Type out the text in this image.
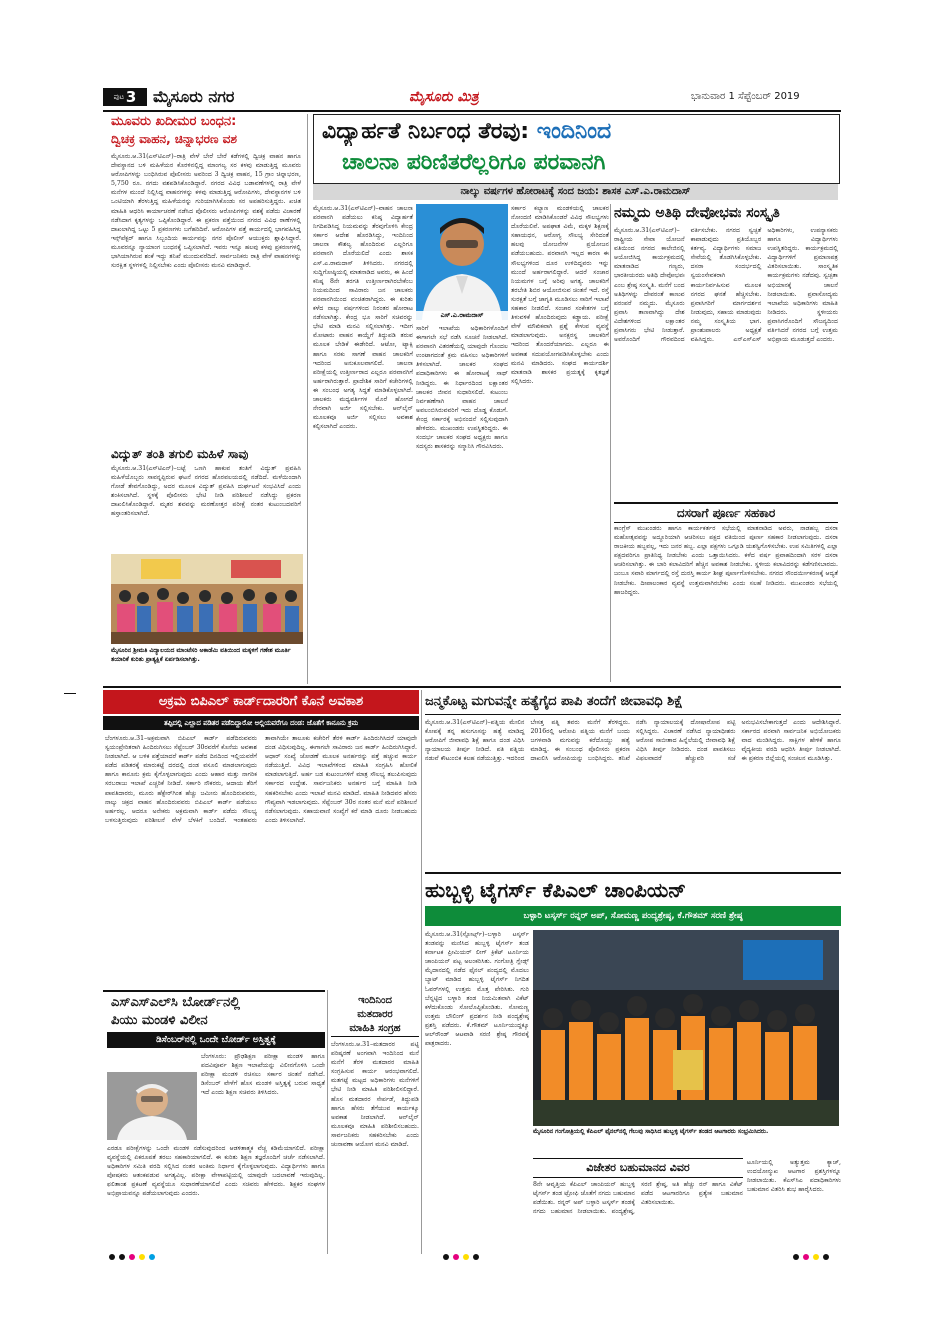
ಪುಟ 3 ಮೈಸೂರು ನಗರ	ಮೈಸೂರು ಮಿತ್ರ	ಭಾನುವಾರ 1 ಸೆಪ್ಟೆಂಬರ್ 2019
ಮೂವರು ಖದೀಮರ ಬಂಧನ:
ದ್ವಿಚಕ್ರ ವಾಹನ, ಚಿನ್ನಾಭರಣ ವಶ
ಮೈಸೂರು.ಆ.31(ಎಸ್‌ಟಿಎನ್)–ರಾತ್ರಿ ವೇಳೆ ಬೇರೆ ಬೇರೆ ಕಡೆಗಳಲ್ಲಿ ದ್ವಿಚಕ್ರ ವಾಹನ ಹಾಗೂ ದೇವಸ್ಥಾನದ ಬಳಿ ಮಹಿಳೆಯರ ಕೊರಳಿನಲ್ಲಿದ್ದ ಮಾಂಗಲ್ಯ ಸರ ಕಳವು ಮಾಡುತ್ತಿದ್ದ ಮೂವರು ಆರೋಪಿಗಳನ್ನು ಬಂಧಿಸಿರುವ ಪೊಲೀಸರು ಅವರಿಂದ 3 ದ್ವಿಚಕ್ರ ವಾಹನ, 15 ಗ್ರಾಂ ಚಿನ್ನಾಭರಣ, 5,750 ರೂ. ನಗದು ವಶಪಡಿಸಿಕೊಂಡಿದ್ದಾರೆ. ನಗರದ ವಿವಿಧ ಬಡಾವಣೆಗಳಲ್ಲಿ ರಾತ್ರಿ ವೇಳೆ ಮನೆಗಳ ಮುಂದೆ ನಿಲ್ಲಿಸಿದ್ದ ವಾಹನಗಳನ್ನು ಕಳವು ಮಾಡುತ್ತಿದ್ದ ಆರೋಪಿಗಳು, ದೇವಸ್ಥಾನಗಳ ಬಳಿ ಒಂಟಿಯಾಗಿ ತೆರಳುತ್ತಿದ್ದ ಮಹಿಳೆಯರನ್ನು ಗುರಿಯಾಗಿಸಿಕೊಂಡು ಸರ ಅಪಹರಿಸುತ್ತಿದ್ದರು. ಖಚಿತ ಮಾಹಿತಿ ಆಧರಿಸಿ ಕಾರ್ಯಾಚರಣೆ ನಡೆಸಿದ ಪೊಲೀಸರು ಆರೋಪಿಗಳನ್ನು ವಶಕ್ಕೆ ಪಡೆದು ವಿಚಾರಣೆ ನಡೆಸಿದಾಗ ಕೃತ್ಯಗಳನ್ನು ಒಪ್ಪಿಕೊಂಡಿದ್ದಾರೆ. ಈ ಪ್ರಕರಣ ಪತ್ತೆಯಿಂದ ನಗರದ ವಿವಿಧ ಠಾಣೆಗಳಲ್ಲಿ ದಾಖಲಾಗಿದ್ದ ಒಟ್ಟು 5 ಪ್ರಕರಣಗಳು ಬಗೆಹರಿದಿವೆ. ಆರೋಪಿಗಳ ಪತ್ತೆ ಕಾರ್ಯದಲ್ಲಿ ಭಾಗವಹಿಸಿದ್ದ ಇನ್ಸ್‌ಪೆಕ್ಟರ್ ಹಾಗೂ ಸಿಬ್ಬಂದಿಯ ಕಾರ್ಯವನ್ನು ನಗರ ಪೊಲೀಸ್ ಆಯುಕ್ತರು ಶ್ಲಾಘಿಸಿದ್ದಾರೆ. ಮೂವರನ್ನೂ ನ್ಯಾಯಾಂಗ ಬಂಧನಕ್ಕೆ ಒಪ್ಪಿಸಲಾಗಿದೆ. ಇವರು ಇನ್ನೂ ಹಲವು ಕಳವು ಪ್ರಕರಣಗಳಲ್ಲಿ ಭಾಗಿಯಾಗಿರುವ ಶಂಕೆ ಇದ್ದು ತನಿಖೆ ಮುಂದುವರೆದಿದೆ. ಸಾರ್ವಜನಿಕರು ರಾತ್ರಿ ವೇಳೆ ವಾಹನಗಳನ್ನು ಸುರಕ್ಷಿತ ಸ್ಥಳಗಳಲ್ಲಿ ನಿಲ್ಲಿಸಬೇಕು ಎಂದು ಪೊಲೀಸರು ಮನವಿ ಮಾಡಿದ್ದಾರೆ.
ವಿದ್ಯುತ್ ತಂತಿ ತಗುಲಿ ಮಹಿಳೆ ಸಾವು
ಮೈಸೂರು.ಆ.31(ಎಸ್‌ಟಿಎನ್)–ಬಟ್ಟೆ ಒಣಗಿ ಹಾಕುವ ತಂತಿಗೆ ವಿದ್ಯುತ್ ಪ್ರವಹಿಸಿ ಮಹಿಳೆಯೊಬ್ಬರು ಸಾವನ್ನಪ್ಪಿರುವ ಘಟನೆ ನಗರದ ಹೊರವಲಯದಲ್ಲಿ ನಡೆದಿದೆ. ಮಳೆಯಿಂದಾಗಿ ಗೋಡೆ ತೇವಗೊಂಡಿದ್ದು, ಅದರ ಮೂಲಕ ವಿದ್ಯುತ್ ಪ್ರವಹಿಸಿ ದುರ್ಘಟನೆ ಸಂಭವಿಸಿದೆ ಎಂದು ಶಂಕಿಸಲಾಗಿದೆ. ಸ್ಥಳಕ್ಕೆ ಪೊಲೀಸರು ಭೇಟಿ ನೀಡಿ ಪರಿಶೀಲನೆ ನಡೆಸಿದ್ದು ಪ್ರಕರಣ ದಾಖಲಿಸಿಕೊಂಡಿದ್ದಾರೆ. ಮೃತರ ಶವವನ್ನು ಮರಣೋತ್ತರ ಪರೀಕ್ಷೆ ನಂತರ ಕುಟುಂಬದವರಿಗೆ ಹಸ್ತಾಂತರಿಸಲಾಗಿದೆ.
ಮೈಸೂರಿನ ಶ್ರೀಮತಿ ವಿದ್ಯಾಲಯದ ಮಾಂಟೆಸರಿ ಅಕಾಡೆಮಿ ವತಿಯಿಂದ ಮಕ್ಕಳಿಗೆ ಗಣೇಶ ಮೂರ್ತಿ ತಯಾರಿಕೆ ಕುರಿತು ಪ್ರಾತ್ಯಕ್ಷಿಕೆ ಏರ್ಪಡಿಸಲಾಗಿತ್ತು.
ವಿದ್ಯಾರ್ಹತೆ ನಿರ್ಬಂಧ ತೆರವು: ಇಂದಿನಿಂದ
ಚಾಲನಾ ಪರಿಣಿತರೆಲ್ಲರಿಗೂ ಪರವಾನಗಿ
ನಾಲ್ಕು ವರ್ಷಗಳ ಹೋರಾಟಕ್ಕೆ ಸಂದ ಜಯ: ಶಾಸಕ ಎಸ್.ಎ.ರಾಮದಾಸ್
ಮೈಸೂರು.ಆ.31(ಎಸ್‌ಟಿಎನ್)–ವಾಹನ ಚಾಲನಾ ಪರವಾನಗಿ ಪಡೆಯಲು ಕನಿಷ್ಠ ವಿದ್ಯಾರ್ಹತೆ ನಿಗದಿಪಡಿಸಿದ್ದ ನಿಯಮವನ್ನು ತೆರವುಗೊಳಿಸಿ ಕೇಂದ್ರ ಸರ್ಕಾರ ಆದೇಶ ಹೊರಡಿಸಿದ್ದು, ಇಂದಿನಿಂದ ಚಾಲನಾ ಕೌಶಲ್ಯ ಹೊಂದಿರುವ ಎಲ್ಲರಿಗೂ ಪರವಾನಗಿ ದೊರೆಯಲಿದೆ ಎಂದು ಶಾಸಕ ಎಸ್.ಎ.ರಾಮದಾಸ್ ತಿಳಿಸಿದರು. ನಗರದಲ್ಲಿ ಸುದ್ದಿಗೋಷ್ಠಿಯಲ್ಲಿ ಮಾತನಾಡಿದ ಅವರು, ಈ ಹಿಂದೆ ಕನಿಷ್ಠ 8ನೇ ತರಗತಿ ಉತ್ತೀರ್ಣರಾಗಿರಬೇಕೆಂಬ ನಿಯಮದಿಂದ ಸಾವಿರಾರು ಜನ ಚಾಲಕರು ಪರವಾನಗಿಯಿಂದ ವಂಚಿತರಾಗಿದ್ದರು. ಈ ಕುರಿತು ಕಳೆದ ನಾಲ್ಕು ವರ್ಷಗಳಿಂದ ನಿರಂತರ ಹೋರಾಟ ನಡೆಸಲಾಗಿತ್ತು. ಕೇಂದ್ರ ಭೂ ಸಾರಿಗೆ ಸಚಿವರನ್ನು ಭೇಟಿ ಮಾಡಿ ಮನವಿ ಸಲ್ಲಿಸಲಾಗಿತ್ತು. ಇದೀಗ ಮೋಟಾರು ವಾಹನ ಕಾಯ್ದೆಗೆ ತಿದ್ದುಪಡಿ ತರುವ ಮೂಲಕ ಬೇಡಿಕೆ ಈಡೇರಿದೆ. ಆಟೋ, ಟ್ಯಾಕ್ಸಿ ಹಾಗೂ ಸರಕು ಸಾಗಣೆ ವಾಹನ ಚಾಲಕರಿಗೆ ಇದರಿಂದ ಅನುಕೂಲವಾಗಲಿದೆ. ಚಾಲನಾ ಪರೀಕ್ಷೆಯಲ್ಲಿ ಉತ್ತೀರ್ಣರಾದ ಎಲ್ಲರೂ ಪರವಾನಗಿಗೆ ಅರ್ಹರಾಗಿರುತ್ತಾರೆ. ಪ್ರಾದೇಶಿಕ ಸಾರಿಗೆ ಕಚೇರಿಗಳಲ್ಲಿ ಈ ಸಂಬಂಧ ಅಗತ್ಯ ಸಿದ್ಧತೆ ಮಾಡಿಕೊಳ್ಳಲಾಗಿದೆ. ಚಾಲಕರು ಮಧ್ಯವರ್ತಿಗಳ ಮೊರೆ ಹೋಗದೆ ನೇರವಾಗಿ ಅರ್ಜಿ ಸಲ್ಲಿಸಬೇಕು. ಆನ್‌ಲೈನ್ ಮೂಲಕವೂ ಅರ್ಜಿ ಸಲ್ಲಿಸಲು ಅವಕಾಶ ಕಲ್ಪಿಸಲಾಗಿದೆ ಎಂದರು.
ಎಸ್.ಎ.ರಾಮದಾಸ್
ಸಾರಿಗೆ ಇಲಾಖೆಯ ಅಧಿಕಾರಿಗಳೊಂದಿಗೆ ಈಗಾಗಲೇ ಸಭೆ ನಡೆಸಿ ಸೂಚನೆ ನೀಡಲಾಗಿದೆ. ಪರವಾನಗಿ ವಿತರಣೆಯಲ್ಲಿ ಯಾವುದೇ ಗೊಂದಲ ಉಂಟಾಗದಂತೆ ಕ್ರಮ ವಹಿಸಲು ಅಧಿಕಾರಿಗಳಿಗೆ ತಿಳಿಸಲಾಗಿದೆ. ಚಾಲಕರ ಸಂಘದ ಪದಾಧಿಕಾರಿಗಳು ಈ ಹೋರಾಟಕ್ಕೆ ಸಾಥ್ ನೀಡಿದ್ದರು. ಈ ನಿರ್ಧಾರದಿಂದ ಲಕ್ಷಾಂತರ ಚಾಲಕರ ಜೀವನ ಸುಧಾರಿಸಲಿದೆ. ಕುಟುಂಬ ನಿರ್ವಹಣೆಗಾಗಿ ವಾಹನ ಚಾಲನೆ ಅವಲಂಬಿಸಿರುವವರಿಗೆ ಇದು ದೊಡ್ಡ ಕೊಡುಗೆ. ಕೇಂದ್ರ ಸರ್ಕಾರಕ್ಕೆ ಅಭಿನಂದನೆ ಸಲ್ಲಿಸುವುದಾಗಿ ಹೇಳಿದರು. ಮುಖಂಡರು ಉಪಸ್ಥಿತರಿದ್ದರು. ಈ ಸಂದರ್ಭ ಚಾಲಕರ ಸಂಘದ ಅಧ್ಯಕ್ಷರು ಹಾಗೂ ಸದಸ್ಯರು ಶಾಸಕರನ್ನು ಸನ್ಮಾನಿಸಿ ಗೌರವಿಸಿದರು.
ಸರ್ಕಾರ ಕಲ್ಯಾಣ ಮಂಡಳಿಯಲ್ಲಿ ಚಾಲಕರ ನೋಂದಣಿ ಮಾಡಿಸಿಕೊಂಡರೆ ವಿವಿಧ ಸೌಲಭ್ಯಗಳು ದೊರೆಯಲಿವೆ. ಅಪಘಾತ ವಿಮೆ, ಮಕ್ಕಳ ಶಿಕ್ಷಣಕ್ಕೆ ಸಹಾಯಧನ, ಆರೋಗ್ಯ ಸೌಲಭ್ಯ ಸೇರಿದಂತೆ ಹಲವು ಯೋಜನೆಗಳ ಪ್ರಯೋಜನ ಪಡೆಯಬಹುದು. ಪರವಾನಗಿ ಇಲ್ಲದ ಕಾರಣ ಈ ಸೌಲಭ್ಯಗಳಿಂದ ದೂರ ಉಳಿದಿದ್ದವರು ಇನ್ನು ಮುಂದೆ ಅರ್ಹರಾಗಲಿದ್ದಾರೆ. ಆದರೆ ಸಂಚಾರ ನಿಯಮಗಳ ಬಗ್ಗೆ ಅರಿವು ಅಗತ್ಯ. ಚಾಲಕರಿಗೆ ತರಬೇತಿ ಶಿಬಿರ ಆಯೋಜಿಸುವ ಚಿಂತನೆ ಇದೆ. ರಸ್ತೆ ಸುರಕ್ಷತೆ ಬಗ್ಗೆ ಜಾಗೃತಿ ಮೂಡಿಸಲು ಸಾರಿಗೆ ಇಲಾಖೆ ಸಹಕಾರ ನೀಡಲಿದೆ. ಸಂಚಾರ ಸಂಕೇತಗಳ ಬಗ್ಗೆ ತಿಳುವಳಿಕೆ ಹೊಂದಿರುವುದು ಕಡ್ಡಾಯ. ಪರೀಕ್ಷೆ ವೇಳೆ ಮೌಖಿಕವಾಗಿ ಪ್ರಶ್ನೆ ಕೇಳುವ ವ್ಯವಸ್ಥೆ ಮಾಡಲಾಗುವುದು. ಅನಕ್ಷರಸ್ಥ ಚಾಲಕರಿಗೆ ಇದರಿಂದ ತೊಂದರೆಯಾಗದು. ಎಲ್ಲರೂ ಈ ಅವಕಾಶ ಸದುಪಯೋಗಪಡಿಸಿಕೊಳ್ಳಬೇಕು ಎಂದು ಮನವಿ ಮಾಡಿದರು. ಸಂಘದ ಕಾರ್ಯದರ್ಶಿ ಮಾತನಾಡಿ ಶಾಸಕರ ಪ್ರಯತ್ನಕ್ಕೆ ಕೃತಜ್ಞತೆ ಸಲ್ಲಿಸಿದರು.
ನಮ್ಮದು ಅತಿಥಿ ದೇವೋಭವಃ ಸಂಸ್ಕೃತಿ
ಮೈಸೂರು.ಆ.31(ಎಸ್‌ಟಿಎನ್)–ರಾಷ್ಟ್ರೀಯ ಸೇವಾ ಯೋಜನೆ ವತಿಯಿಂದ ನಗರದ ಕಾಲೇಜಿನಲ್ಲಿ ಆಯೋಜಿಸಿದ್ದ ಕಾರ್ಯಕ್ರಮದಲ್ಲಿ ಮಾತನಾಡಿದ ಗಣ್ಯರು, ಭಾರತೀಯರದು ಅತಿಥಿ ದೇವೋಭವಃ ಎಂಬ ಶ್ರೇಷ್ಠ ಸಂಸ್ಕೃತಿ. ಮನೆಗೆ ಬಂದ ಅತಿಥಿಗಳನ್ನು ದೇವರಂತೆ ಕಾಣುವ ಪರಂಪರೆ ನಮ್ಮದು. ಮೈಸೂರು ಪ್ರವಾಸಿ ತಾಣವಾಗಿದ್ದು ದೇಶ ವಿದೇಶಗಳಿಂದ ಲಕ್ಷಾಂತರ ಪ್ರವಾಸಿಗರು ಭೇಟಿ ನೀಡುತ್ತಾರೆ. ಅವರೊಂದಿಗೆ ಗೌರವದಿಂದ ವರ್ತಿಸಬೇಕು. ನಗರದ ಸ್ವಚ್ಛತೆ ಕಾಪಾಡುವುದು ಪ್ರತಿಯೊಬ್ಬರ ಕರ್ತವ್ಯ. ವಿದ್ಯಾರ್ಥಿಗಳು ಸಮಾಜ ಸೇವೆಯಲ್ಲಿ ತೊಡಗಿಸಿಕೊಳ್ಳಬೇಕು. ದಸರಾ ಸಂದರ್ಭದಲ್ಲಿ ಸ್ವಯಂಸೇವಕರಾಗಿ ಕಾರ್ಯನಿರ್ವಹಿಸುವ ಮೂಲಕ ನಗರದ ಘನತೆ ಹೆಚ್ಚಿಸಬೇಕು. ಪ್ರವಾಸಿಗರಿಗೆ ಮಾರ್ಗದರ್ಶನ ನೀಡುವುದು, ಸಹಾಯ ಮಾಡುವುದು ನಮ್ಮ ಸಂಸ್ಕೃತಿಯ ಭಾಗ. ಪ್ರಾಂಶುಪಾಲರು ಅಧ್ಯಕ್ಷತೆ ವಹಿಸಿದ್ದರು. ಎನ್‌ಎಸ್‌ಎಸ್ ಅಧಿಕಾರಿಗಳು, ಉಪನ್ಯಾಸಕರು ಹಾಗೂ ವಿದ್ಯಾರ್ಥಿಗಳು ಉಪಸ್ಥಿತರಿದ್ದರು. ಕಾರ್ಯಕ್ರಮದಲ್ಲಿ ವಿದ್ಯಾರ್ಥಿಗಳಿಗೆ ಪ್ರಮಾಣಪತ್ರ ವಿತರಿಸಲಾಯಿತು. ಸಾಂಸ್ಕೃತಿಕ ಕಾರ್ಯಕ್ರಮಗಳು ನಡೆದವು. ಸ್ವಚ್ಛತಾ ಅಭಿಯಾನಕ್ಕೆ ಚಾಲನೆ ನೀಡಲಾಯಿತು. ಪ್ರವಾಸೋದ್ಯಮ ಇಲಾಖೆಯ ಅಧಿಕಾರಿಗಳು ಮಾಹಿತಿ ನೀಡಿದರು. ಸ್ಥಳೀಯರು ಪ್ರವಾಸಿಗರೊಂದಿಗೆ ಸೌಜನ್ಯದಿಂದ ವರ್ತಿಸಿದರೆ ನಗರದ ಬಗ್ಗೆ ಉತ್ತಮ ಅಭಿಪ್ರಾಯ ಮೂಡುತ್ತದೆ ಎಂದರು.
ದಸರಾಗೆ ಪೂರ್ಣ ಸಹಕಾರ
ಕಾಂಗ್ರೆಸ್ ಮುಖಂಡರು ಹಾಗೂ ಕಾರ್ಯಕರ್ತರ ಸಭೆಯಲ್ಲಿ ಮಾತನಾಡಿದ ಅವರು, ನಾಡಹಬ್ಬ ದಸರಾ ಮಹೋತ್ಸವವನ್ನು ಅದ್ಧೂರಿಯಾಗಿ ಆಚರಿಸಲು ಪಕ್ಷದ ವತಿಯಿಂದ ಪೂರ್ಣ ಸಹಕಾರ ನೀಡಲಾಗುವುದು. ದಸರಾ ರಾಜಕೀಯ ಹಬ್ಬವಲ್ಲ, ಇದು ಜನರ ಹಬ್ಬ. ಎಲ್ಲಾ ಪಕ್ಷಗಳು ಒಗ್ಗೂಡಿ ಯಶಸ್ವಿಗೊಳಿಸಬೇಕು. ಉಪ ಸಮಿತಿಗಳಲ್ಲಿ ಎಲ್ಲಾ ಪಕ್ಷದವರಿಗೂ ಪ್ರಾತಿನಿಧ್ಯ ನೀಡಬೇಕು ಎಂದು ಒತ್ತಾಯಿಸಿದರು. ಕಳೆದ ವರ್ಷ ಪ್ರವಾಹದಿಂದಾಗಿ ಸರಳ ದಸರಾ ಆಚರಿಸಲಾಗಿತ್ತು. ಈ ಬಾರಿ ಕಲಾವಿದರಿಗೆ ಹೆಚ್ಚಿನ ಅವಕಾಶ ನೀಡಬೇಕು. ಸ್ಥಳೀಯ ಕಲಾವಿದರನ್ನು ಕಡೆಗಣಿಸಬಾರದು. ಜಂಬೂ ಸವಾರಿ ಮಾರ್ಗದಲ್ಲಿ ರಸ್ತೆ ದುರಸ್ತಿ ಕಾರ್ಯ ಶೀಘ್ರ ಪೂರ್ಣಗೊಳಿಸಬೇಕು. ನಗರದ ಸೌಂದರ್ಯೀಕರಣಕ್ಕೆ ಆದ್ಯತೆ ನೀಡಬೇಕು. ದೀಪಾಲಂಕಾರ ವ್ಯವಸ್ಥೆ ಉತ್ತಮವಾಗಿರಬೇಕು ಎಂದು ಸಲಹೆ ನೀಡಿದರು. ಮುಖಂಡರು ಸಭೆಯಲ್ಲಿ ಹಾಜರಿದ್ದರು.
ಅಕ್ರಮ ಬಿಪಿಎಲ್ ಕಾರ್ಡ್‌ದಾರರಿಗೆ ಕೊನೆ ಅವಕಾಶ
ತಪ್ಪಿದಲ್ಲಿ ಎಲ್ಲಾದ ಪಡಿತರ ಪಡೆದಿದ್ದಾರೋ ಅಲ್ಲಿಯವರೆಗೂ ದಂಡ: ಜೊತೆಗೆ ಕಾನೂನು ಕ್ರಮ
ಬೆಂಗಳೂರು.ಆ.31–ಅಕ್ರಮವಾಗಿ ಬಿಪಿಎಲ್ ಕಾರ್ಡ್ ಪಡೆದಿರುವವರು ಸ್ವಯಂಪ್ರೇರಿತರಾಗಿ ಹಿಂದಿರುಗಿಸಲು ಸೆಪ್ಟೆಂಬರ್ 30ರವರೆಗೆ ಕೊನೆಯ ಅವಕಾಶ ನೀಡಲಾಗಿದೆ. ಆ ಬಳಿಕ ಪತ್ತೆಯಾದರೆ ಕಾರ್ಡ್ ಪಡೆದ ದಿನದಿಂದ ಇಲ್ಲಿಯವರೆಗೆ ಪಡೆದ ಪಡಿತರಕ್ಕೆ ಮಾರುಕಟ್ಟೆ ದರದಲ್ಲಿ ದಂಡ ವಸೂಲಿ ಮಾಡಲಾಗುವುದು ಹಾಗೂ ಕಾನೂನು ಕ್ರಮ ಕೈಗೊಳ್ಳಲಾಗುವುದು ಎಂದು ಆಹಾರ ಮತ್ತು ನಾಗರಿಕ ಸರಬರಾಜು ಇಲಾಖೆ ಎಚ್ಚರಿಕೆ ನೀಡಿದೆ. ಸರ್ಕಾರಿ ನೌಕರರು, ಆದಾಯ ತೆರಿಗೆ ಪಾವತಿದಾರರು, ಮೂರು ಹೆಕ್ಟೇರ್‌ಗಿಂತ ಹೆಚ್ಚು ಜಮೀನು ಹೊಂದಿರುವವರು, ನಾಲ್ಕು ಚಕ್ರದ ವಾಹನ ಹೊಂದಿರುವವರು ಬಿಪಿಎಲ್ ಕಾರ್ಡ್ ಪಡೆಯಲು ಅರ್ಹರಲ್ಲ. ಆದರೂ ಅನೇಕರು ಅಕ್ರಮವಾಗಿ ಕಾರ್ಡ್ ಪಡೆದು ಸೌಲಭ್ಯ ಬಳಸುತ್ತಿರುವುದು ಪರಿಶೀಲನೆ ವೇಳೆ ಬೆಳಕಿಗೆ ಬಂದಿದೆ. ಇಂತಹವರು ತಾವಾಗಿಯೇ ತಾಲೂಕು ಕಚೇರಿಗೆ ತೆರಳಿ ಕಾರ್ಡ್ ಹಿಂದಿರುಗಿಸಿದರೆ ಯಾವುದೇ ದಂಡ ವಿಧಿಸುವುದಿಲ್ಲ. ಈಗಾಗಲೇ ಸಾವಿರಾರು ಜನ ಕಾರ್ಡ್ ಹಿಂದಿರುಗಿಸಿದ್ದಾರೆ. ಆಧಾರ್ ಸಂಖ್ಯೆ ಜೋಡಣೆ ಮೂಲಕ ಅನರ್ಹರನ್ನು ಪತ್ತೆ ಹಚ್ಚುವ ಕಾರ್ಯ ನಡೆಯುತ್ತಿದೆ. ವಿವಿಧ ಇಲಾಖೆಗಳಿಂದ ಮಾಹಿತಿ ಸಂಗ್ರಹಿಸಿ ಹೋಲಿಕೆ ಮಾಡಲಾಗುತ್ತಿದೆ. ಅರ್ಹ ಬಡ ಕುಟುಂಬಗಳಿಗೆ ಮಾತ್ರ ಸೌಲಭ್ಯ ತಲುಪಿಸುವುದು ಸರ್ಕಾರದ ಉದ್ದೇಶ. ಸಾರ್ವಜನಿಕರು ಅನರ್ಹರ ಬಗ್ಗೆ ಮಾಹಿತಿ ನೀಡಿ ಸಹಕರಿಸಬೇಕು ಎಂದು ಇಲಾಖೆ ಮನವಿ ಮಾಡಿದೆ. ಮಾಹಿತಿ ನೀಡಿದವರ ಹೆಸರು ಗೌಪ್ಯವಾಗಿ ಇಡಲಾಗುವುದು. ಸೆಪ್ಟೆಂಬರ್ 30ರ ನಂತರ ಮನೆ ಮನೆ ಪರಿಶೀಲನೆ ನಡೆಸಲಾಗುವುದು. ಸಹಾಯವಾಣಿ ಸಂಖ್ಯೆಗೆ ಕರೆ ಮಾಡಿ ದೂರು ನೀಡಬಹುದು ಎಂದು ತಿಳಿಸಲಾಗಿದೆ.
ಜನ್ಮಕೊಟ್ಟ ಮಗುವನ್ನೇ ಹತ್ಯೆಗೈದ ಪಾಪಿ ತಂದೆಗೆ ಜೀವಾವಧಿ ಶಿಕ್ಷೆ
ಮೈಸೂರು.ಆ.31(ಎಸ್‌ಟಿಎನ್)–ಪತ್ನಿಯ ಮೇಲಿನ ಕೋಪಕ್ಕೆ ತನ್ನ ಹಸುಗೂಸನ್ನು ಹತ್ಯೆ ಮಾಡಿದ್ದ ಆರೋಪಿಗೆ ಜೀವಾವಧಿ ಶಿಕ್ಷೆ ಹಾಗೂ ದಂಡ ವಿಧಿಸಿ ನ್ಯಾಯಾಲಯ ತೀರ್ಪು ನೀಡಿದೆ. ಪತಿ ಪತ್ನಿಯ ನಡುವೆ ಕೌಟುಂಬಿಕ ಕಲಹ ನಡೆಯುತ್ತಿತ್ತು. ಇದರಿಂದ ಬೇಸತ್ತ ಪತ್ನಿ ತವರು ಮನೆಗೆ ತೆರಳಿದ್ದರು. 2016ರಲ್ಲಿ ಆರೋಪಿ ಪತ್ನಿಯ ಮನೆಗೆ ಬಂದು ಜಗಳವಾಡಿ ಮಗುವನ್ನು ಕರೆದೊಯ್ದು ಹತ್ಯೆ ಮಾಡಿದ್ದ. ಈ ಸಂಬಂಧ ಪೊಲೀಸರು ಪ್ರಕರಣ ದಾಖಲಿಸಿ ಆರೋಪಿಯನ್ನು ಬಂಧಿಸಿದ್ದರು. ತನಿಖೆ ನಡೆಸಿ ನ್ಯಾಯಾಲಯಕ್ಕೆ ದೋಷಾರೋಪ ಪಟ್ಟಿ ಸಲ್ಲಿಸಿದ್ದರು. ವಿಚಾರಣೆ ನಡೆಸಿದ ನ್ಯಾಯಾಧೀಶರು ಆರೋಪ ಸಾಬೀತಾದ ಹಿನ್ನೆಲೆಯಲ್ಲಿ ಜೀವಾವಧಿ ಶಿಕ್ಷೆ ವಿಧಿಸಿ ತೀರ್ಪು ನೀಡಿದರು. ದಂಡ ಪಾವತಿಸಲು ವಿಫಲವಾದರೆ ಹೆಚ್ಚುವರಿ ಸಜೆ ಅನುಭವಿಸಬೇಕಾಗುತ್ತದೆ ಎಂದು ಆದೇಶಿಸಿದ್ದಾರೆ. ಸರ್ಕಾರದ ಪರವಾಗಿ ಸಾರ್ವಜನಿಕ ಅಭಿಯೋಜಕರು ವಾದ ಮಂಡಿಸಿದ್ದರು. ಸಾಕ್ಷಿಗಳ ಹೇಳಿಕೆ ಹಾಗೂ ವೈದ್ಯಕೀಯ ವರದಿ ಆಧರಿಸಿ ತೀರ್ಪು ನೀಡಲಾಗಿದೆ. ಈ ಪ್ರಕರಣ ಜಿಲ್ಲೆಯಲ್ಲಿ ಸಂಚಲನ ಮೂಡಿಸಿತ್ತು.
ಹುಬ್ಬಳ್ಳಿ ಟೈಗರ್ಸ್ ಕೆಪಿಎಲ್ ಚಾಂಪಿಯನ್
ಬಳ್ಳಾರಿ ಟಸ್ಕರ್ಸ್ ರನ್ನರ್ ಅಪ್, ಸೋಮಣ್ಣ ಪಂದ್ಯಶ್ರೇಷ್ಠ, ಕೆ.ಗೌತಮ್ ಸರಣಿ ಶ್ರೇಷ್ಠ
ಮೈಸೂರು.ಆ.31(ಸ್ಪೋರ್ಟ್ಸ್)–ಬಳ್ಳಾರಿ ಟಸ್ಕರ್ಸ್ ತಂಡವನ್ನು ಮಣಿಸಿದ ಹುಬ್ಬಳ್ಳಿ ಟೈಗರ್ಸ್ ತಂಡ ಕರ್ನಾಟಕ ಪ್ರೀಮಿಯರ್ ಲೀಗ್ ಕ್ರಿಕೆಟ್ ಟೂರ್ನಿಯ ಚಾಂಪಿಯನ್ ಪಟ್ಟ ಅಲಂಕರಿಸಿತು. ಗಂಗೋತ್ರಿ ಗ್ಲೇಡ್ಸ್ ಮೈದಾನದಲ್ಲಿ ನಡೆದ ಫೈನಲ್ ಪಂದ್ಯದಲ್ಲಿ ಮೊದಲು ಬ್ಯಾಟ್ ಮಾಡಿದ ಹುಬ್ಬಳ್ಳಿ ಟೈಗರ್ಸ್ ನಿಗದಿತ ಓವರ್‌ಗಳಲ್ಲಿ ಉತ್ತಮ ಮೊತ್ತ ಪೇರಿಸಿತು. ಗುರಿ ಬೆನ್ನಟ್ಟಿದ ಬಳ್ಳಾರಿ ತಂಡ ನಿಯಮಿತವಾಗಿ ವಿಕೆಟ್ ಕಳೆದುಕೊಂಡು ಸೋಲೊಪ್ಪಿಕೊಂಡಿತು. ಸೋಮಣ್ಣ ಉತ್ತಮ ಬೌಲಿಂಗ್ ಪ್ರದರ್ಶನ ನೀಡಿ ಪಂದ್ಯಶ್ರೇಷ್ಠ ಪ್ರಶಸ್ತಿ ಪಡೆದರು. ಕೆ.ಗೌತಮ್ ಟೂರ್ನಿಯುದ್ದಕ್ಕೂ ಆಲ್‌ರೌಂಡ್ ಆಟವಾಡಿ ಸರಣಿ ಶ್ರೇಷ್ಠ ಗೌರವಕ್ಕೆ ಪಾತ್ರರಾದರು.
ಮೈಸೂರಿನ ಗಂಗೋತ್ರಿಯಲ್ಲಿ ಕೆಪಿಎಲ್ ಫೈನಲ್‌ನಲ್ಲಿ ಗೆಲುವು ಸಾಧಿಸಿದ ಹುಬ್ಬಳ್ಳಿ ಟೈಗರ್ಸ್ ತಂಡದ ಆಟಗಾರರು ಸಂಭ್ರಮಿಸಿದರು.
ವಿಜೇತರ ಬಹುಮಾನದ ವಿವರ
8ನೇ ಆವೃತ್ತಿಯ ಕೆಪಿಎಲ್ ಚಾಂಪಿಯನ್ ಹುಬ್ಬಳ್ಳಿ ಟೈಗರ್ಸ್ ತಂಡ ಟ್ರೋಫಿ ಜೊತೆಗೆ ನಗದು ಬಹುಮಾನ ಪಡೆಯಿತು. ರನ್ನರ್ ಅಪ್ ಬಳ್ಳಾರಿ ಟಸ್ಕರ್ಸ್ ತಂಡಕ್ಕೆ ನಗದು ಬಹುಮಾನ ನೀಡಲಾಯಿತು. ಪಂದ್ಯಶ್ರೇಷ್ಠ, ಸರಣಿ ಶ್ರೇಷ್ಠ, ಅತಿ ಹೆಚ್ಚು ರನ್ ಹಾಗೂ ವಿಕೆಟ್ ಪಡೆದ ಆಟಗಾರರಿಗೂ ಪ್ರತ್ಯೇಕ ಬಹುಮಾನ ವಿತರಿಸಲಾಯಿತು.
ಟೂರ್ನಿಯಲ್ಲಿ ಅತ್ಯುತ್ತಮ ಕ್ಯಾಚ್, ಉದಯೋನ್ಮುಖ ಆಟಗಾರ ಪ್ರಶಸ್ತಿಗಳನ್ನೂ ನೀಡಲಾಯಿತು. ಕೆಎಸ್‌ಸಿಎ ಪದಾಧಿಕಾರಿಗಳು ಬಹುಮಾನ ವಿತರಿಸಿ ಶುಭ ಹಾರೈಸಿದರು.
ಎಸ್‌ಎಸ್‌ಎಲ್‌ಸಿ ಬೋರ್ಡ್‌ನಲ್ಲಿ
ಪಿಯು ಮಂಡಳಿ ವಿಲೀನ
ಡಿಸೆಂಬರ್‌ನಲ್ಲಿ ಒಂದೇ ಬೋರ್ಡ್ ಅಸ್ತಿತ್ವಕ್ಕೆ
ಬೆಂಗಳೂರು: ಪ್ರೌಢಶಿಕ್ಷಣ ಪರೀಕ್ಷಾ ಮಂಡಳಿ ಹಾಗೂ ಪದವಿಪೂರ್ವ ಶಿಕ್ಷಣ ಇಲಾಖೆಯನ್ನು ವಿಲೀನಗೊಳಿಸಿ ಒಂದೇ ಪರೀಕ್ಷಾ ಮಂಡಳಿ ರಚಿಸಲು ಸರ್ಕಾರ ಚಿಂತನೆ ನಡೆಸಿದೆ. ಡಿಸೆಂಬರ್ ವೇಳೆಗೆ ಹೊಸ ಮಂಡಳಿ ಅಸ್ತಿತ್ವಕ್ಕೆ ಬರುವ ಸಾಧ್ಯತೆ ಇದೆ ಎಂದು ಶಿಕ್ಷಣ ಸಚಿವರು ತಿಳಿಸಿದರು.
ಎರಡೂ ಪರೀಕ್ಷೆಗಳನ್ನು ಒಂದೇ ಮಂಡಳಿ ನಡೆಸುವುದರಿಂದ ಆಡಳಿತಾತ್ಮಕ ವೆಚ್ಚ ಕಡಿಮೆಯಾಗಲಿದೆ. ಪರೀಕ್ಷಾ ವ್ಯವಸ್ಥೆಯಲ್ಲಿ ಏಕರೂಪತೆ ತರಲು ಸಹಕಾರಿಯಾಗಲಿದೆ. ಈ ಕುರಿತು ಶಿಕ್ಷಣ ತಜ್ಞರೊಂದಿಗೆ ಚರ್ಚೆ ನಡೆಸಲಾಗಿದೆ. ಅಧಿಕಾರಿಗಳ ಸಮಿತಿ ವರದಿ ಸಲ್ಲಿಸಿದ ನಂತರ ಅಂತಿಮ ನಿರ್ಧಾರ ಕೈಗೊಳ್ಳಲಾಗುವುದು. ವಿದ್ಯಾರ್ಥಿಗಳು ಹಾಗೂ ಪೋಷಕರು ಆತಂಕಪಡುವ ಅಗತ್ಯವಿಲ್ಲ. ಪರೀಕ್ಷಾ ವೇಳಾಪಟ್ಟಿಯಲ್ಲಿ ಯಾವುದೇ ಬದಲಾವಣೆ ಇರುವುದಿಲ್ಲ. ಫಲಿತಾಂಶ ಪ್ರಕಟಣೆ ವ್ಯವಸ್ಥೆಯೂ ಸುಧಾರಣೆಯಾಗಲಿದೆ ಎಂದು ಸಚಿವರು ಹೇಳಿದರು. ಶಿಕ್ಷಕರ ಸಂಘಗಳ ಅಭಿಪ್ರಾಯವನ್ನೂ ಪಡೆಯಲಾಗುವುದು ಎಂದರು.
ಇಂದಿನಿಂದ
ಮತದಾರರ
ಮಾಹಿತಿ ಸಂಗ್ರಹ
ಬೆಂಗಳೂರು.ಆ.31–ಮತದಾರರ ಪಟ್ಟಿ ಪರಿಷ್ಕರಣೆ ಅಂಗವಾಗಿ ಇಂದಿನಿಂದ ಮನೆ ಮನೆಗೆ ತೆರಳಿ ಮತದಾರರ ಮಾಹಿತಿ ಸಂಗ್ರಹಿಸುವ ಕಾರ್ಯ ಆರಂಭವಾಗಲಿದೆ. ಮತಗಟ್ಟೆ ಮಟ್ಟದ ಅಧಿಕಾರಿಗಳು ಮನೆಗಳಿಗೆ ಭೇಟಿ ನೀಡಿ ಮಾಹಿತಿ ಪರಿಶೀಲಿಸಲಿದ್ದಾರೆ. ಹೊಸ ಮತದಾರರ ಸೇರ್ಪಡೆ, ತಿದ್ದುಪಡಿ ಹಾಗೂ ಹೆಸರು ತೆಗೆಯುವ ಕಾರ್ಯಕ್ಕೂ ಅವಕಾಶ ನೀಡಲಾಗಿದೆ. ಆನ್‌ಲೈನ್ ಮೂಲಕವೂ ಮಾಹಿತಿ ಪರಿಶೀಲಿಸಬಹುದು. ಸಾರ್ವಜನಿಕರು ಸಹಕರಿಸಬೇಕು ಎಂದು ಚುನಾವಣಾ ಆಯೋಗ ಮನವಿ ಮಾಡಿದೆ.
